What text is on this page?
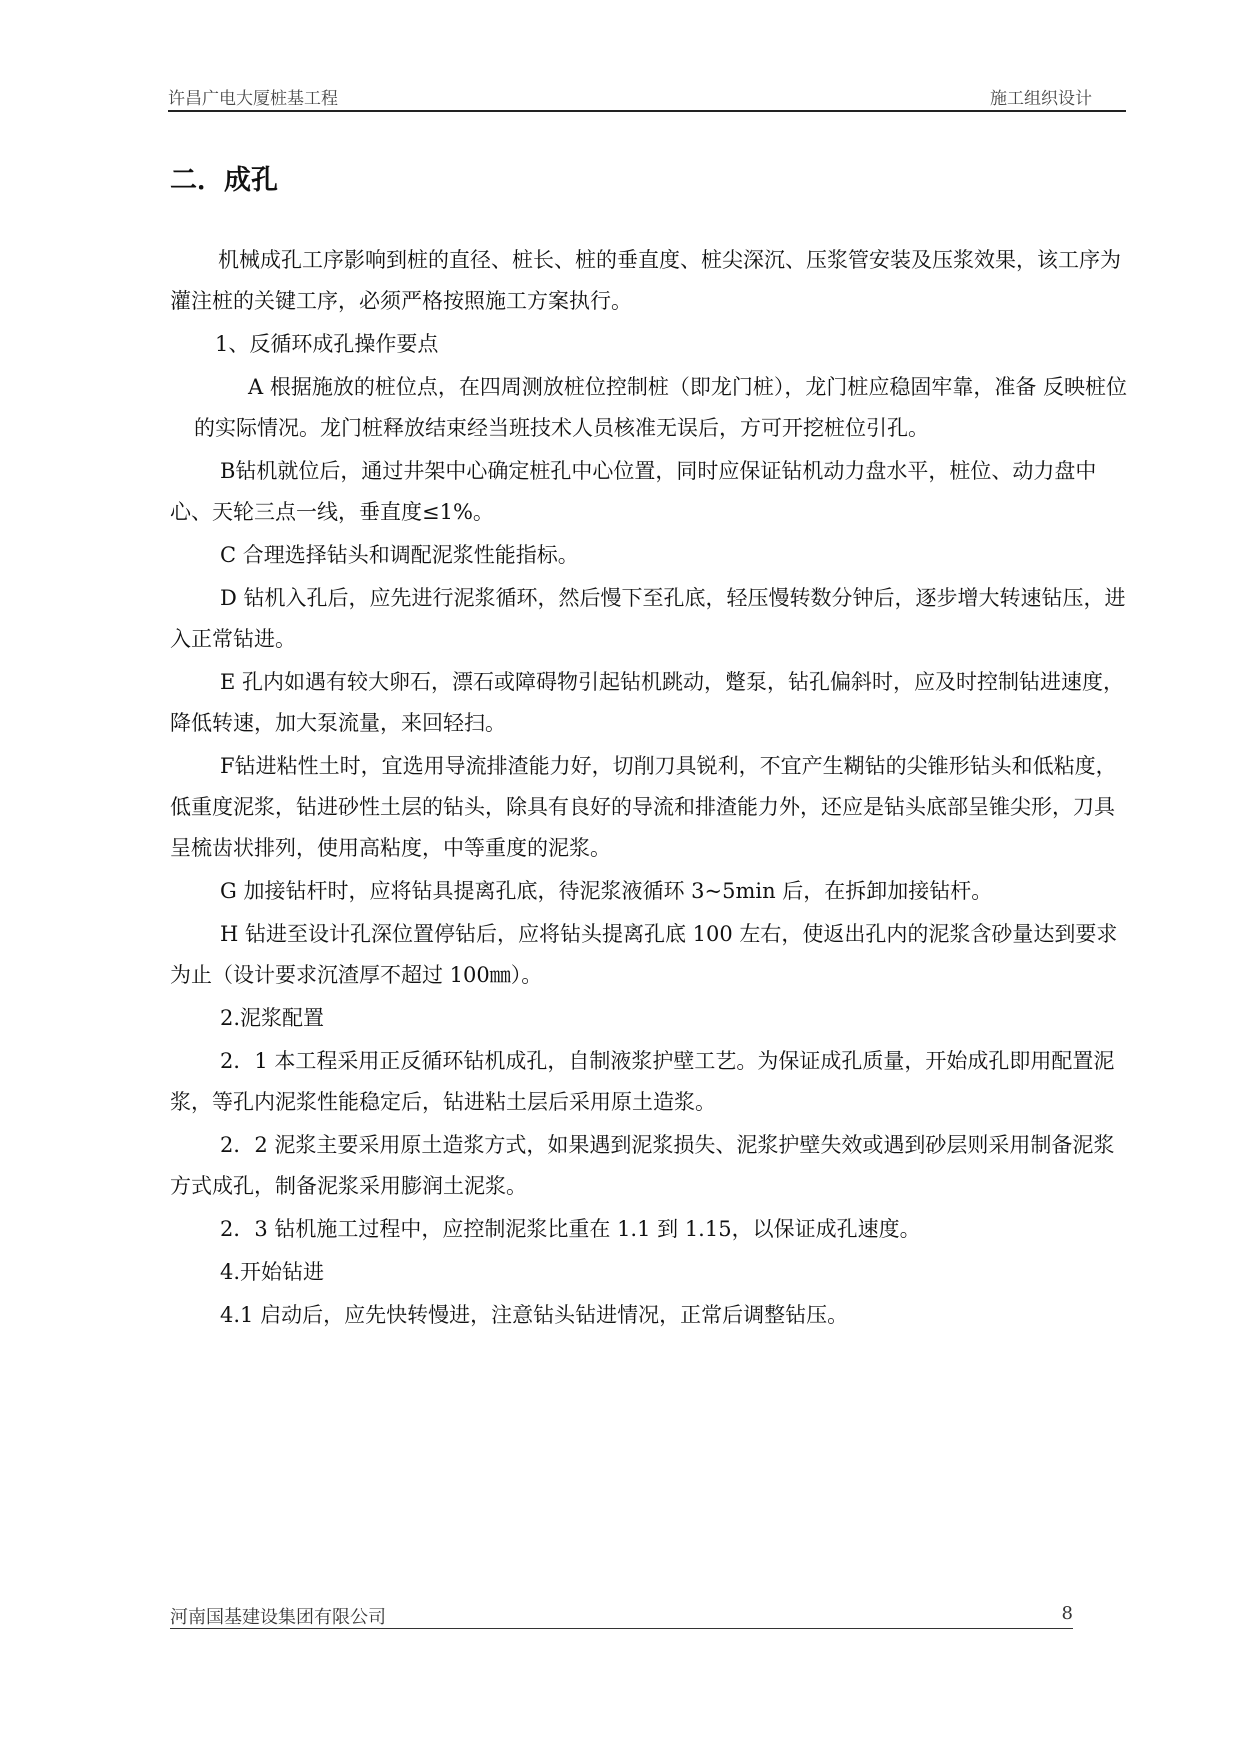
许昌广电大厦桩基工程	施工组织设计
二．成孔

机械成孔工序影响到桩的直径、桩长、桩的垂直度、桩尖深沉、压浆管安装及压浆效果，该工序为灌注桩的关键工序，必须严格按照施工方案执行。

1、反循环成孔操作要点

A 根据施放的桩位点，在四周测放桩位控制桩（即龙门桩），龙门桩应稳固牢靠，准备 反映桩位的实际情况。龙门桩释放结束经当班技术人员核准无误后，方可开挖桩位引孔。

B钻机就位后，通过井架中心确定桩孔中心位置，同时应保证钻机动力盘水平，桩位、动力盘中心、天轮三点一线，垂直度≤1%。

C 合理选择钻头和调配泥浆性能指标。

D 钻机入孔后，应先进行泥浆循环，然后慢下至孔底，轻压慢转数分钟后，逐步增大转速钻压，进入正常钻进。

E 孔内如遇有较大卵石，漂石或障碍物引起钻机跳动，蹩泵，钻孔偏斜时，应及时控制钻进速度，降低转速，加大泵流量，来回轻扫。

F钻进粘性土时，宜选用导流排渣能力好，切削刀具锐利，不宜产生糊钻的尖锥形钻头和低粘度，低重度泥浆，钻进砂性土层的钻头，除具有良好的导流和排渣能力外，还应是钻头底部呈锥尖形，刀具呈梳齿状排列，使用高粘度，中等重度的泥浆。

G 加接钻杆时，应将钻具提离孔底，待泥浆液循环 3~5min 后，在拆卸加接钻杆。

H 钻进至设计孔深位置停钻后，应将钻头提离孔底 100 左右，使返出孔内的泥浆含砂量达到要求为止（设计要求沉渣厚不超过 100㎜）。

2.泥浆配置

2．1 本工程采用正反循环钻机成孔，自制液浆护壁工艺。为保证成孔质量，开始成孔即用配置泥浆，等孔内泥浆性能稳定后，钻进粘土层后采用原土造浆。

2．2 泥浆主要采用原土造浆方式，如果遇到泥浆损失、泥浆护壁失效或遇到砂层则采用制备泥浆方式成孔，制备泥浆采用膨润土泥浆。

2．3 钻机施工过程中，应控制泥浆比重在 1.1 到 1.15，以保证成孔速度。

4.开始钻进

4.1 启动后，应先快转慢进，注意钻头钻进情况，正常后调整钻压。

河南国基建设集团有限公司	8
